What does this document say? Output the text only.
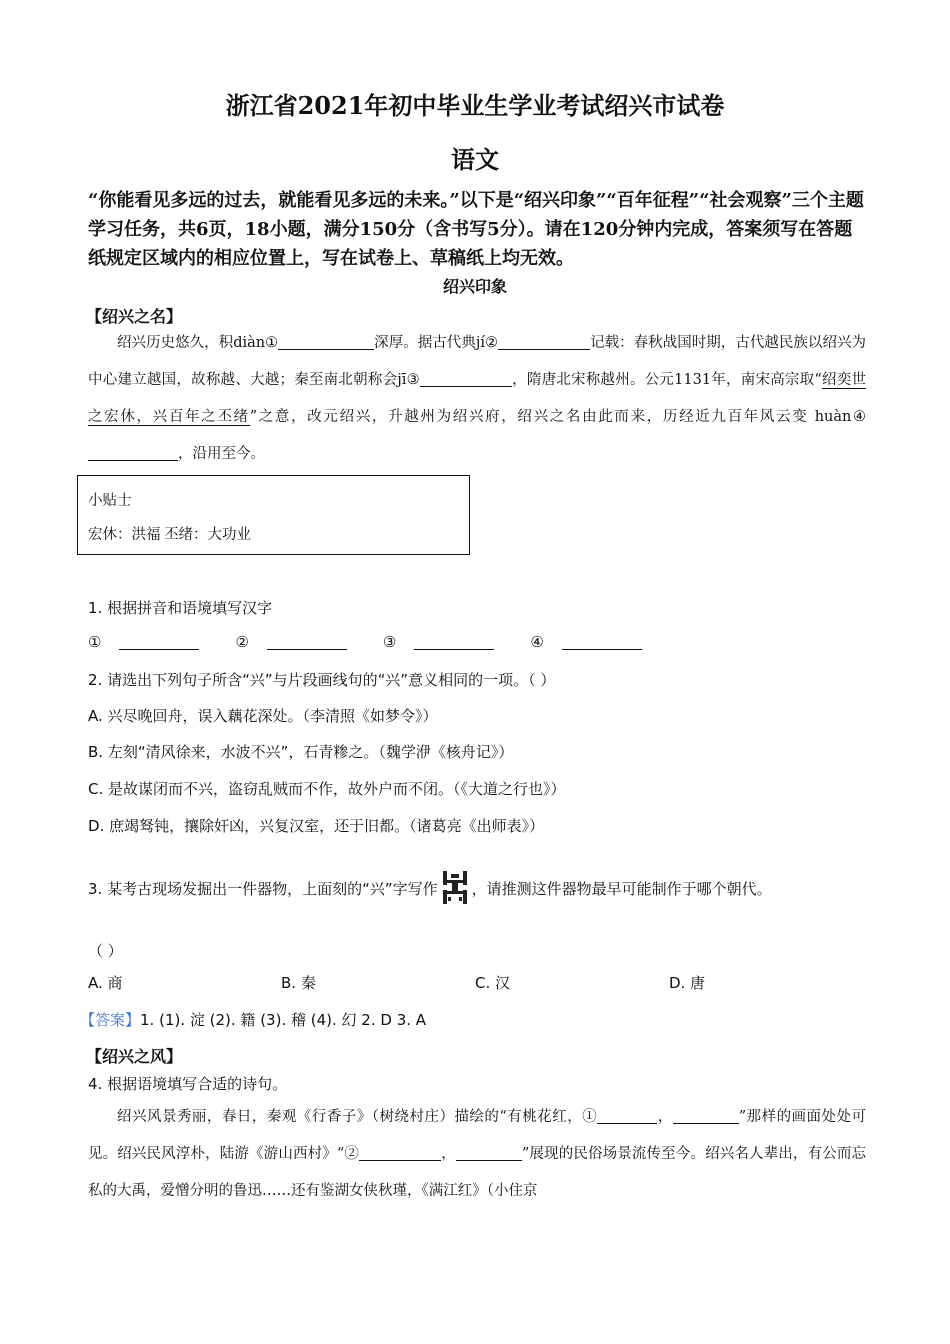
浙江省2021年初中毕业生学业考试绍兴市试卷
语文
“你能看见多远的过去，就能看见多远的未来。”以下是“绍兴印象”“百年征程”“社会观察”三个主题学习任务，共6页，18小题，满分150分（含书写5分）。请在120分钟内完成，答案须写在答题纸规定区域内的相应位置上，写在试卷上、草稿纸上均无效。
绍兴印象
【绍兴之名】
绍兴历史悠久，积diàn①	深厚。据古代典jí②	记载：春秋战国时期，古代越民族以绍兴为中心建立越国，故称越、大越；秦至南北朝称会jī③	，隋唐北宋称越州。公元1131年，南宋高宗取“绍奕世之宏休，兴百年之丕绪”之意，改元绍兴，升越州为绍兴府，绍兴之名由此而来，历经近九百年风云变 huàn④，沿用至今。
小贴士
宏休：洪福 丕绪：大功业
1. 根据拼音和语境填写汉字
①	②	③	④
2. 请选出下列句子所含“兴”与片段画线句的“兴”意义相同的一项。（ ）
A. 兴尽晚回舟，误入藕花深处。（李清照《如梦令》）
B. 左刻“清风徐来，水波不兴”，石青糁之。（魏学洢《核舟记》）
C. 是故谋闭而不兴，盗窃乱贼而不作，故外户而不闭。（《大道之行也》）
D. 庶竭驽钝，攘除奸凶，兴复汉室，还于旧都。（诸葛亮《出师表》）
3. 某考古现场发掘出一件器物，上面刻的“兴”字写作 ，请推测这件器物最早可能制作于哪个朝代。
（ ）
A. 商	B. 秦	C. 汉	D. 唐
【答案】1. (1). 淀 (2). 籍 (3). 稽 (4). 幻 2. D 3. A
【绍兴之风】
4. 根据语境填写合适的诗句。
绍兴风景秀丽，春日，秦观《行香子》（树绕村庄）描绘的“有桃花红，①	，	”那样的画面处处可见。绍兴民风淳朴，陆游《游山西村》“②	，	”展现的民俗场景流传至今。绍兴名人辈出，有公而忘私的大禹，爱憎分明的鲁迅……还有鉴湖女侠秋瑾，《满江红》（小住京
